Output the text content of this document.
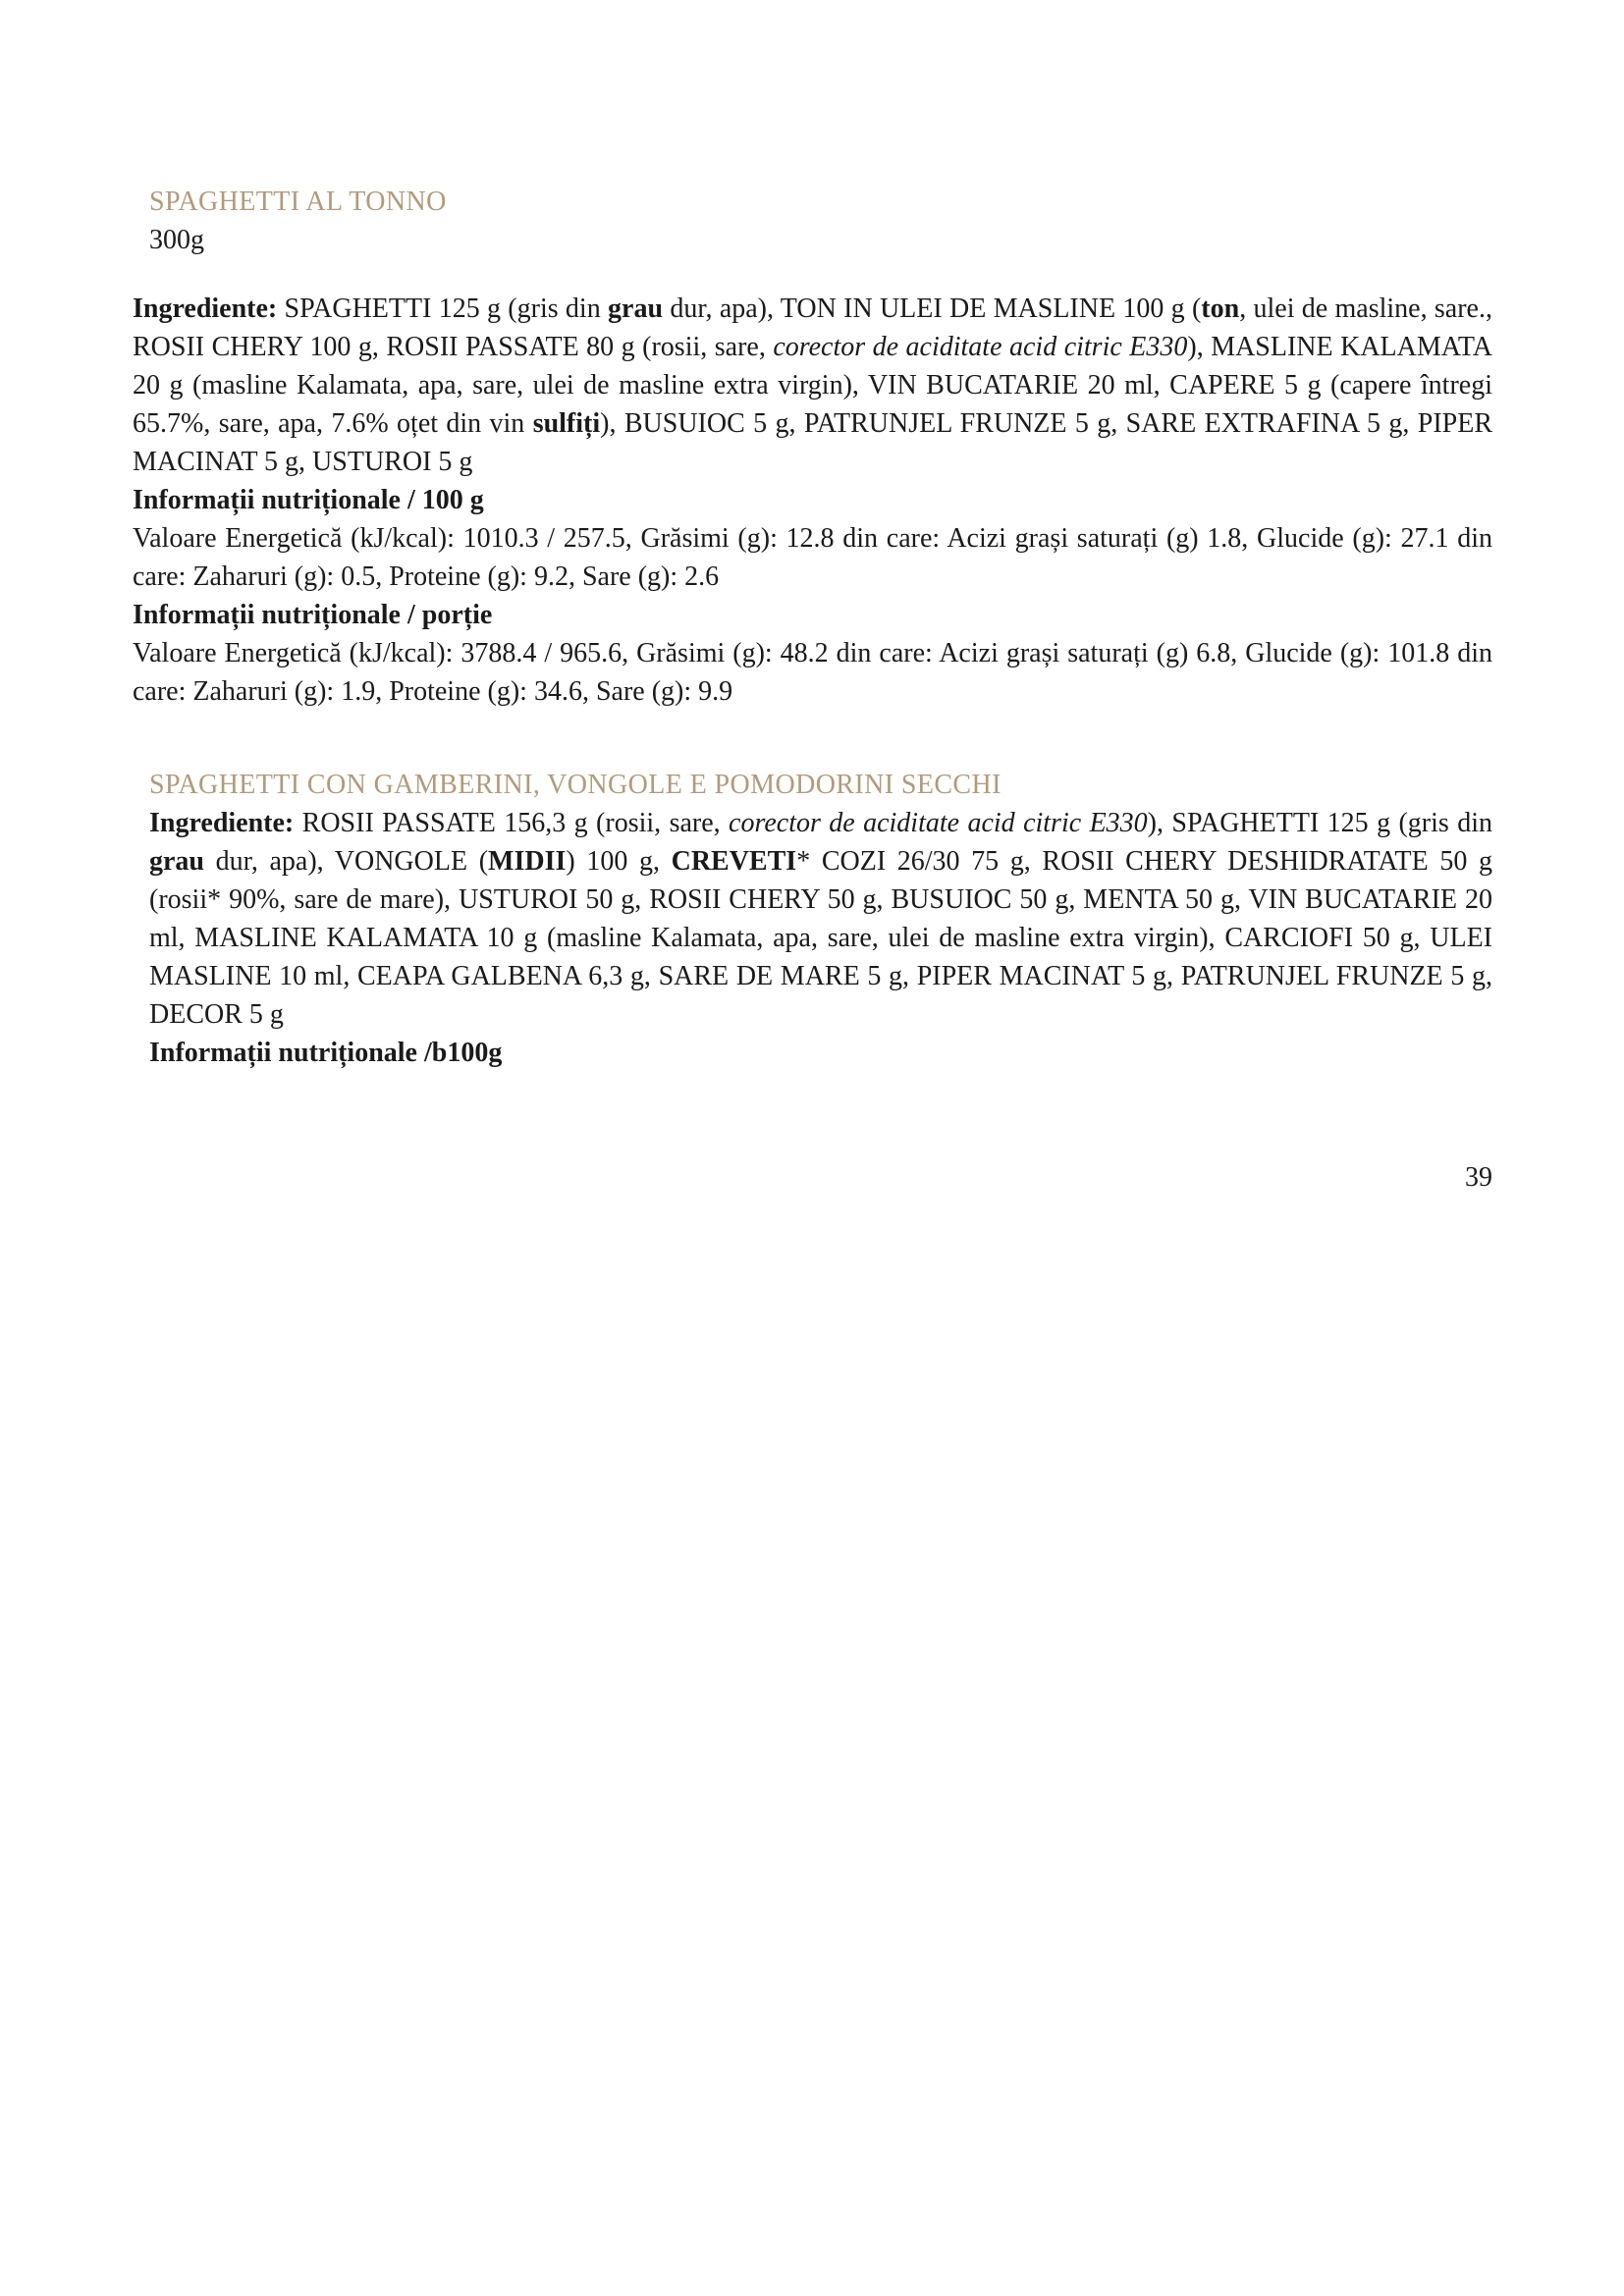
SPAGHETTI AL TONNO

300g

Ingrediente: SPAGHETTI 125 g (gris din grau dur, apa), TON IN ULEI DE MASLINE 100 g (ton, ulei de masline, sare., ROSII CHERY 100 g, ROSII PASSATE 80 g (rosii, sare, corector de aciditate acid citric E330), MASLINE KALAMATA 20 g (masline Kalamata, apa, sare, ulei de masline extra virgin), VIN BUCATARIE 20 ml, CAPERE 5 g (capere întregi 65.7%, sare, apa, 7.6% oțet din vin sulfiți), BUSUIOC 5 g, PATRUNJEL FRUNZE 5 g, SARE EXTRAFINA 5 g, PIPER MACINAT 5 g, USTUROI 5 g

Informații nutriționale / 100 g

Valoare Energetică (kJ/kcal): 1010.3 / 257.5, Grăsimi (g): 12.8 din care: Acizi grași saturați (g) 1.8, Glucide (g): 27.1 din care: Zaharuri (g): 0.5, Proteine (g): 9.2, Sare (g): 2.6

Informații nutriționale / porție

Valoare Energetică (kJ/kcal): 3788.4 / 965.6, Grăsimi (g): 48.2 din care: Acizi grași saturați (g) 6.8, Glucide (g): 101.8 din care: Zaharuri (g): 1.9, Proteine (g): 34.6, Sare (g): 9.9

SPAGHETTI CON GAMBERINI, VONGOLE E POMODORINI SECCHI

Ingrediente: ROSII PASSATE 156,3 g (rosii, sare, corector de aciditate acid citric E330), SPAGHETTI 125 g (gris din grau dur, apa), VONGOLE (MIDII) 100 g, CREVETI* COZI 26/30 75 g, ROSII CHERY DESHIDRATATE 50 g (rosii* 90%, sare de mare), USTUROI 50 g, ROSII CHERY 50 g, BUSUIOC 50 g, MENTA 50 g, VIN BUCATARIE 20 ml, MASLINE KALAMATA 10 g (masline Kalamata, apa, sare, ulei de masline extra virgin), CARCIOFI 50 g, ULEI MASLINE 10 ml, CEAPA GALBENA 6,3 g, SARE DE MARE 5 g, PIPER MACINAT 5 g, PATRUNJEL FRUNZE 5 g, DECOR 5 g

Informații nutriționale /b100g

39
